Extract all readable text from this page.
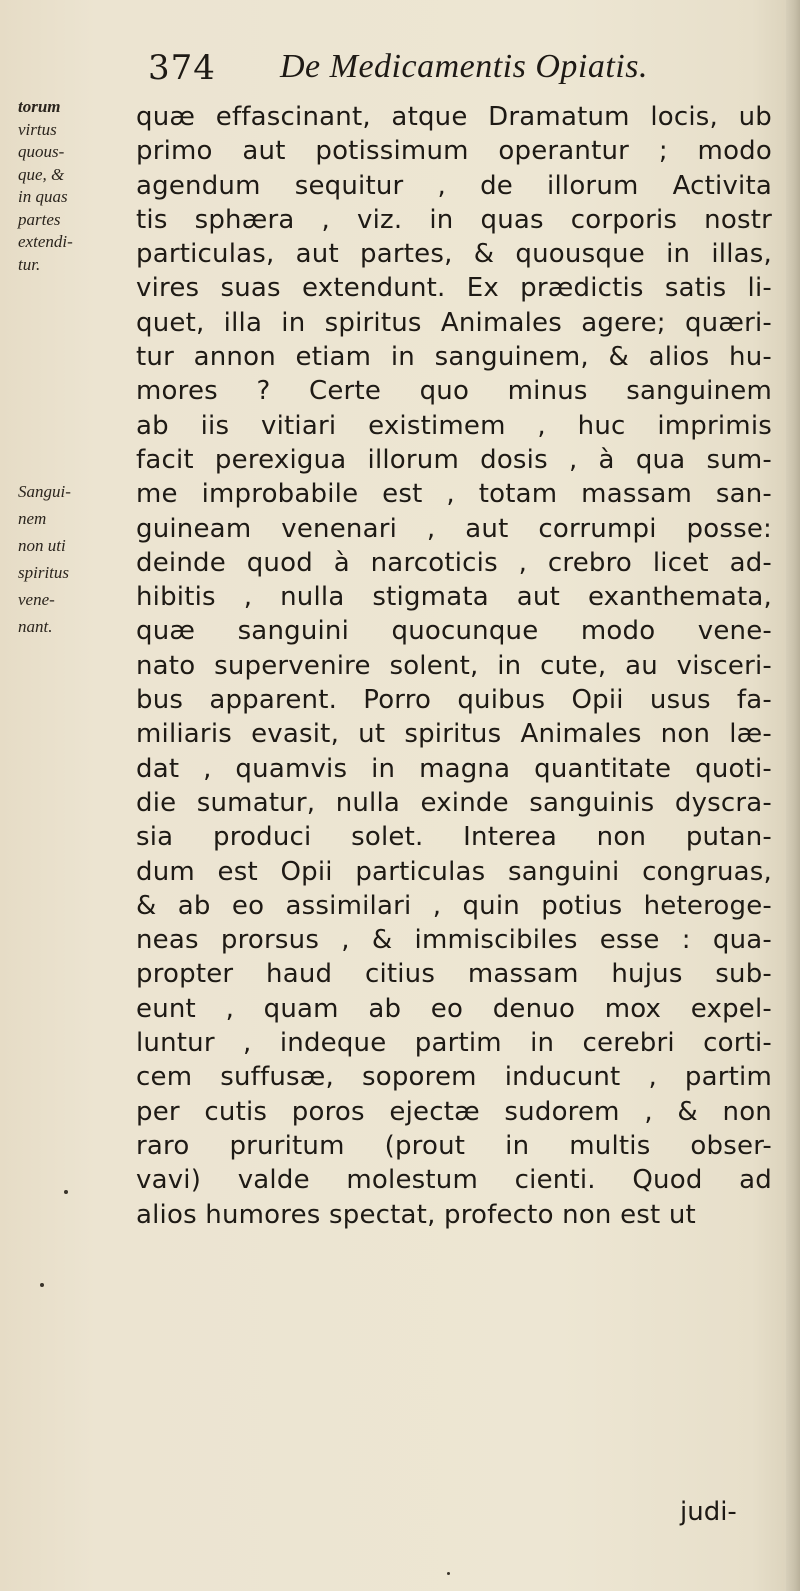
374 De Medicamentis Opiatis.
torum
virtus
quous-
que, &
in quas
partes
extendi-
tur.
Sangui-
nem
non uti
spiritus
vene-
nant.
quæ effascinant, atque Dramatum locis, ub
primo aut potissimum operantur ; modo
agendum sequitur , de illorum Activita
tis sphæra , viz. in quas corporis nostr
particulas, aut partes, & quousque in illas,
vires suas extendunt. Ex prædictis satis li-
quet, illa in spiritus Animales agere; quæri-
tur annon etiam in sanguinem, & alios hu-
mores ? Certe quo minus sanguinem
ab iis vitiari existimem , huc imprimis
facit perexigua illorum dosis , à qua sum-
me improbabile est , totam massam san-
guineam venenari , aut corrumpi posse:
deinde quod à narcoticis , crebro licet ad-
hibitis , nulla stigmata aut exanthemata,
quæ sanguini quocunque modo vene-
nato supervenire solent, in cute, au visceri-
bus apparent. Porro quibus Opii usus fa-
miliaris evasit, ut spiritus Animales non læ-
dat , quamvis in magna quantitate quoti-
die sumatur, nulla exinde sanguinis dyscra-
sia produci solet. Interea non putan-
dum est Opii particulas sanguini congruas,
& ab eo assimilari , quin potius heteroge-
neas prorsus , & immiscibiles esse : qua-
propter haud citius massam hujus sub-
eunt , quam ab eo denuo mox expel-
luntur , indeque partim in cerebri corti-
cem suffusæ, soporem inducunt , partim
per cutis poros ejectæ sudorem , & non
raro pruritum (prout in multis obser-
vavi) valde molestum cienti. Quod ad
alios humores spectat, profecto non est ut
judi-
